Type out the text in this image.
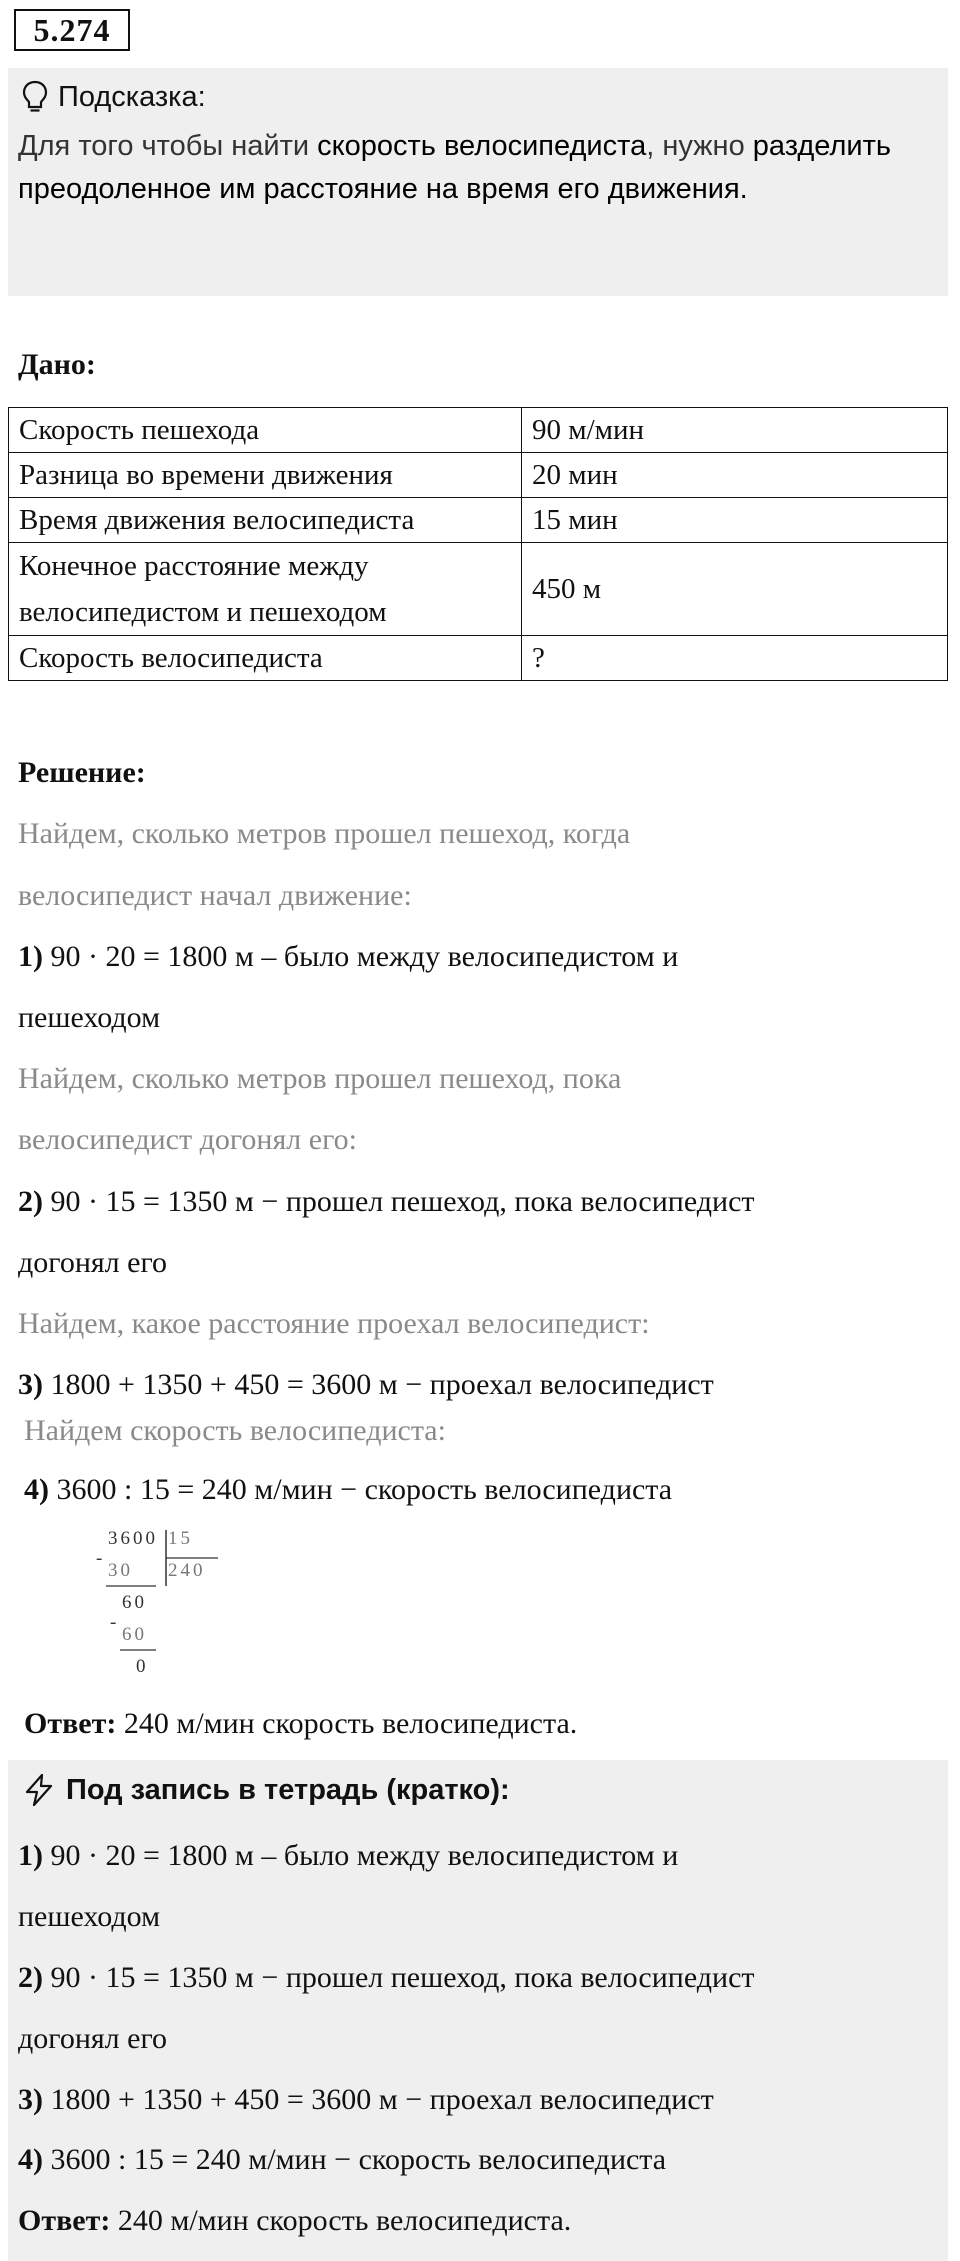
5.274
Подсказка:
Для того чтобы найти скорость велосипедиста, нужно разделить преодоленное им расстояние на время его движения.
Дано:
Скорость пешехода	90 м/мин
Разница во времени движения	20 мин
Время движения велосипедиста	15 мин
Конечное расстояние между велосипедистом и пешеходом	450 м
Скорость велосипедиста	?
Решение:
Найдем, сколько метров прошел пешеход, когда
велосипедист начал движение:
1) 90 · 20 = 1800 м – было между велосипедистом и
пешеходом
Найдем, сколько метров прошел пешеход, пока
велосипедист догонял его:
2) 90 · 15 = 1350 м − прошел пешеход, пока велосипедист
догонял его
Найдем, какое расстояние проехал велосипедист:
3) 1800 + 1350 + 450 = 3600 м − проехал велосипедист
Найдем скорость велосипедиста:
4) 3600 : 15 = 240 м/мин − скорость велосипедиста
3600 15
240
-
30
60
-
60
0
Ответ: 240 м/мин скорость велосипедиста.
Под запись в тетрадь (кратко):
1) 90 · 20 = 1800 м – было между велосипедистом и
пешеходом
2) 90 · 15 = 1350 м − прошел пешеход, пока велосипедист
догонял его
3) 1800 + 1350 + 450 = 3600 м − проехал велосипедист
4) 3600 : 15 = 240 м/мин − скорость велосипедиста
Ответ: 240 м/мин скорость велосипедиста.
